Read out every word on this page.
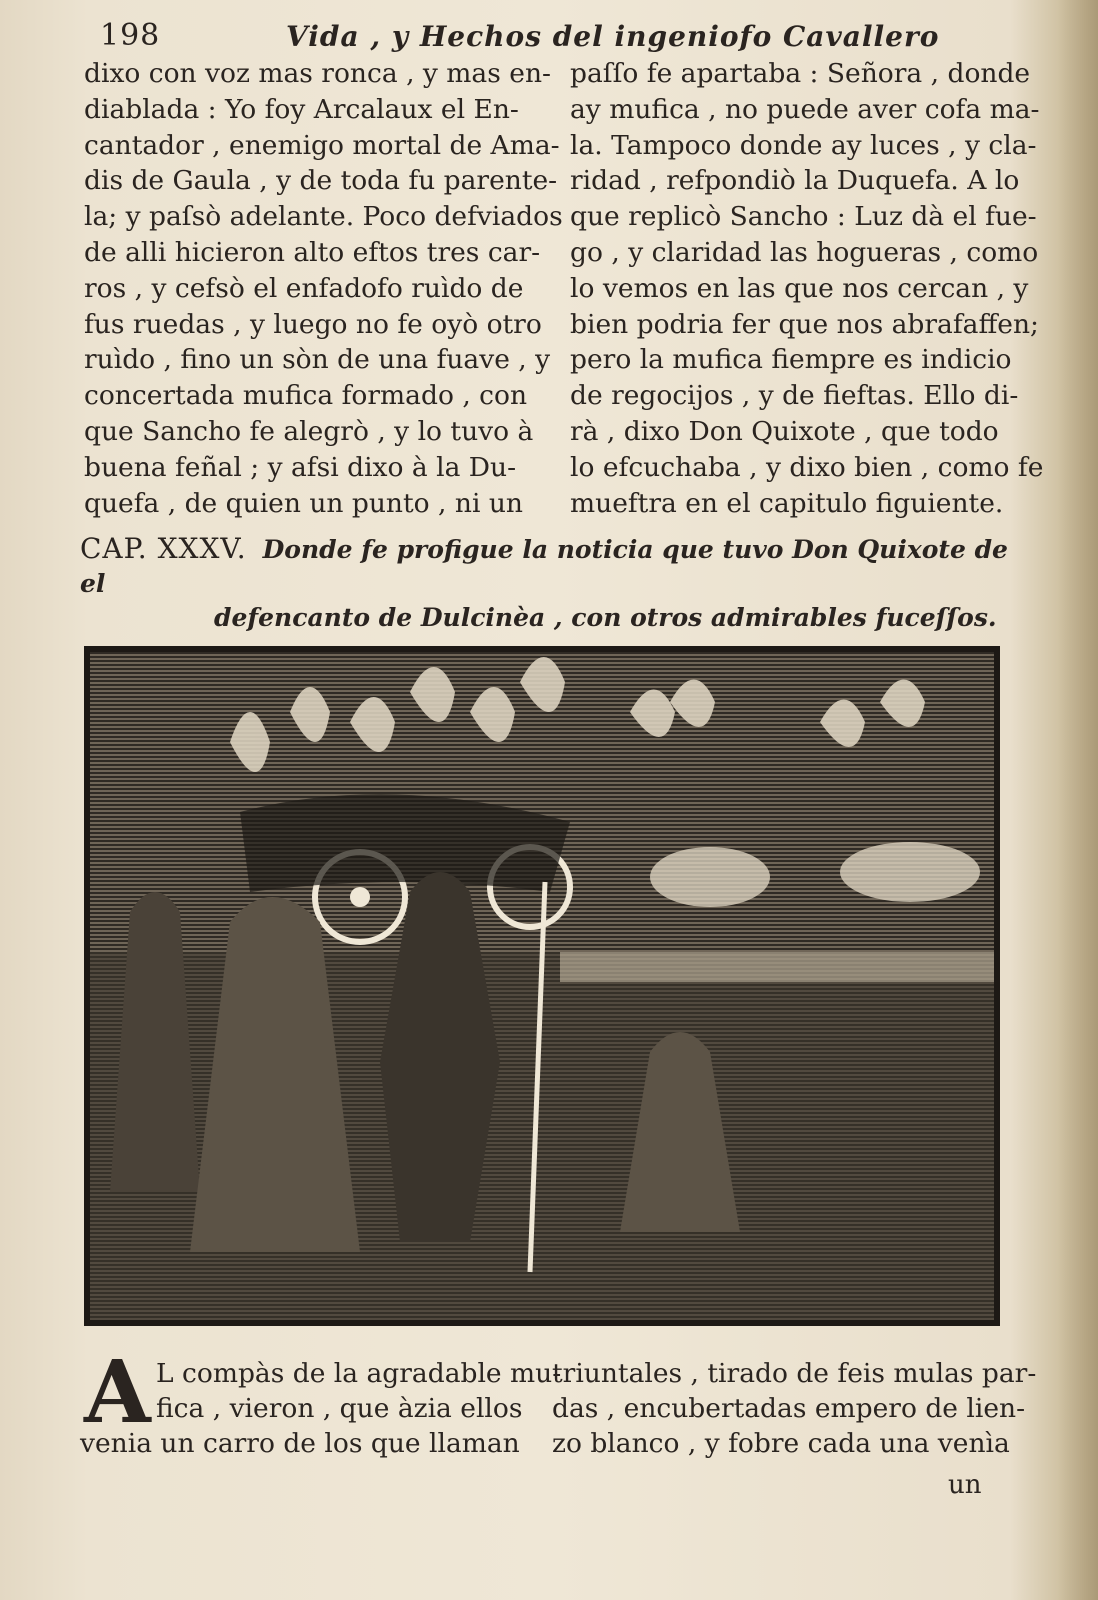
198	Vida , y Hechos del ingeniofo Cavallero
dixo con voz mas ronca , y mas en-
diablada : Yo foy Arcalaux el En-
cantador , enemigo mortal de Ama-
dis de Gaula , y de toda fu parente-
la; y paſsò adelante. Poco defviados
de alli hicieron alto eftos tres car-
ros , y cefsò el enfadofo ruìdo de
fus ruedas , y luego no fe oyò otro
ruìdo , fino un sòn de una fuave , y
concertada mufica formado , con
que Sancho fe alegrò , y lo tuvo à
buena feñal ; y afsi dixo à la Du-
quefa , de quien un punto , ni un
paſſo fe apartaba : Señora , donde
ay mufica , no puede aver cofa ma-
la. Tampoco donde ay luces , y cla-
ridad , refpondiò la Duquefa. A lo
que replicò Sancho : Luz dà el fue-
go , y claridad las hogueras , como
lo vemos en las que nos cercan , y
bien podria fer que nos abrafaffen;
pero la mufica fiempre es indicio
de regocijos , y de fieftas. Ello di-
rà , dixo Don Quixote , que todo
lo efcuchaba , y dixo bien , como fe
mueftra en el capitulo figuiente.
CAP. XXXV. Donde fe profigue la noticia que tuvo Don Quixote de el
defencanto de Dulcinèa , con otros admirables fuceſſos.
A L compàs de la agradable mu-
fica , vieron , que àzia ellos
venia un carro de los que llaman
triuntales , tirado de feis mulas par-
das , encubertadas empero de lien-
zo blanco , y fobre cada una venìa
un
